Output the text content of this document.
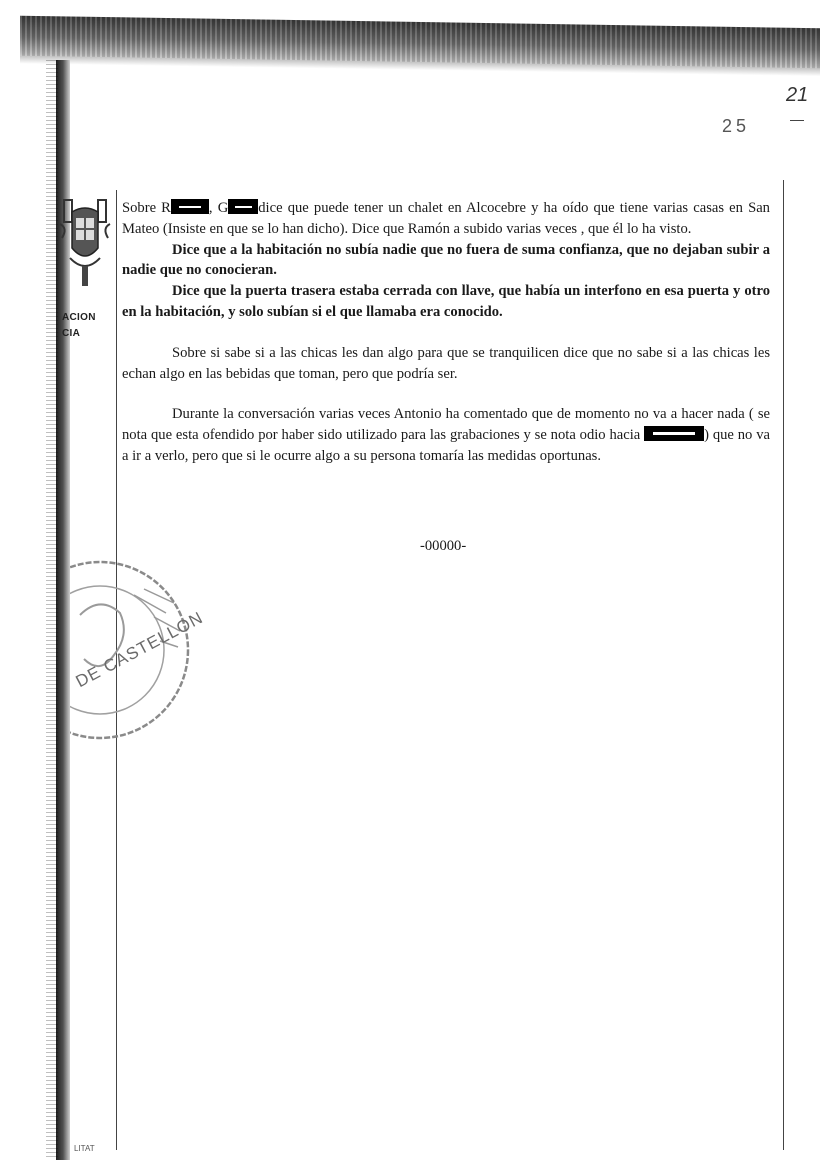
21
25
ACION
CIA
DE CASTELLON
LITAT

Sobre R	, G dice que puede tener un chalet en Alcocebre y ha oído que tiene varias casas en San Mateo (Insiste en que se lo han dicho). Dice que Ramón a subido varias veces , que él lo ha visto.

Dice que a la habitación no subía nadie que no fuera de suma confianza, que no dejaban subir a nadie que no conocieran.

Dice que la puerta trasera estaba cerrada con llave, que había un interfono en esa puerta y otro en la habitación, y solo subían si el que llamaba era conocido.

Sobre si sabe si a las chicas les dan algo para que se tranquilicen dice que no sabe si a las chicas les echan algo en las bebidas que toman, pero que podría ser.

Durante la conversación varias veces Antonio ha comentado que de momento no va a hacer nada ( se nota que esta ofendido por haber sido utilizado para las grabaciones y se nota odio hacia	) que no va a ir a verlo, pero que si le ocurre algo a su persona tomaría las medidas oportunas.

-00000-
